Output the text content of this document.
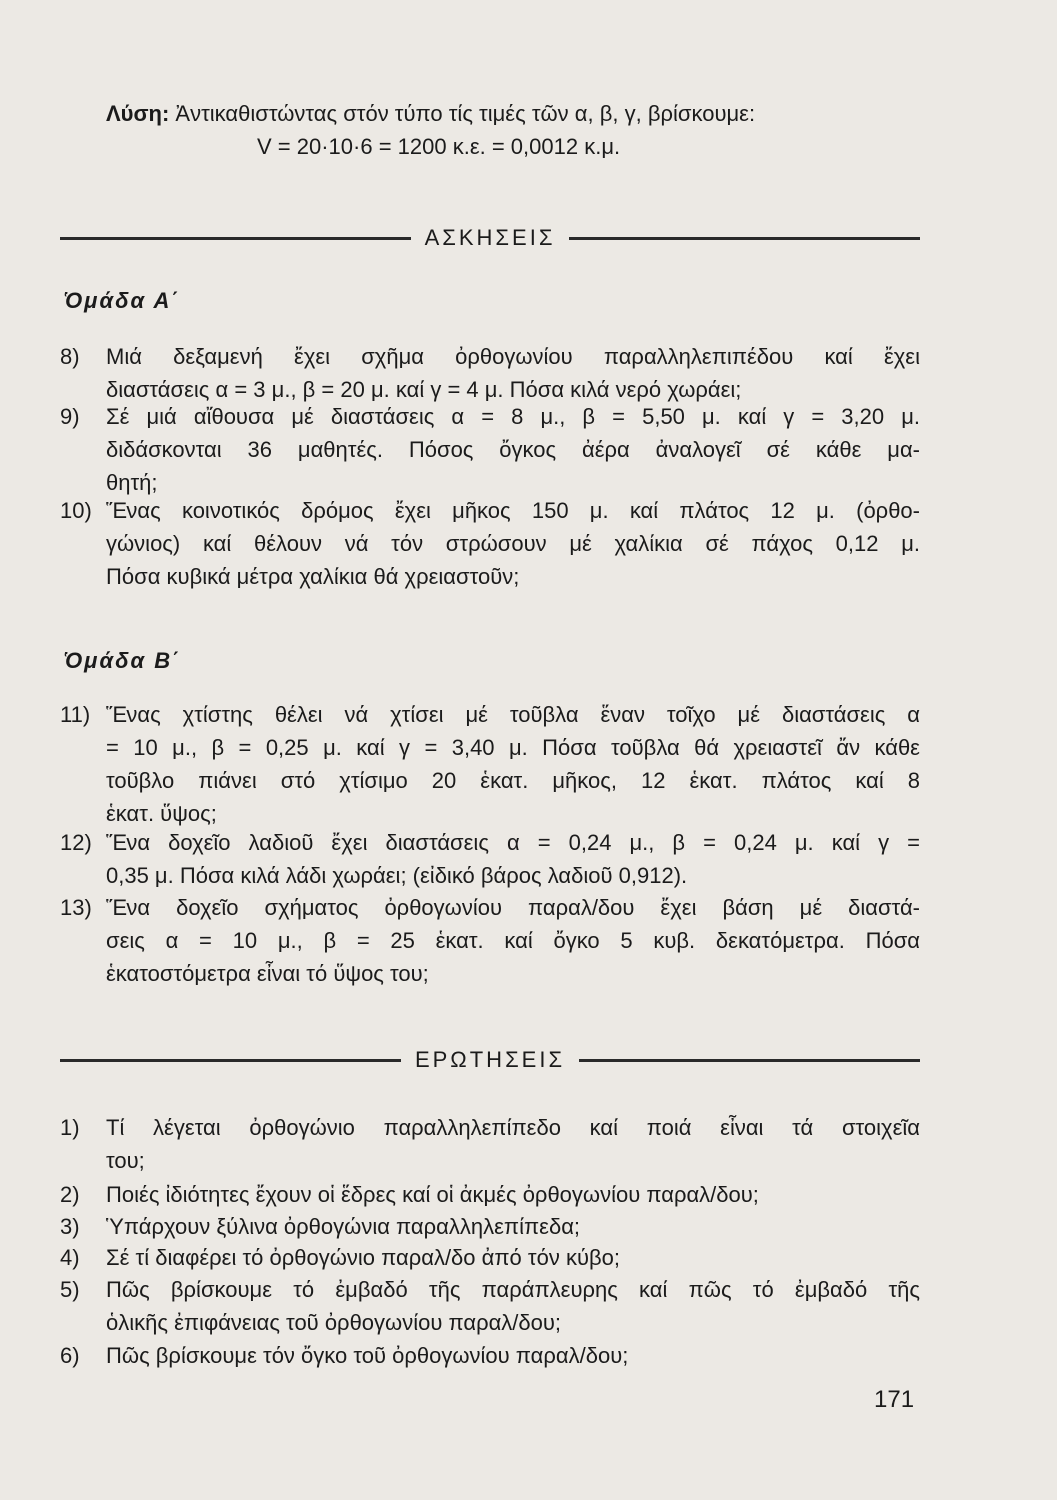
Λύση: Ἀντικαθιστώντας στόν τύπο τίς τιμές τῶν α, β, γ, βρίσκουμε:
V = 20·10·6 = 1200 κ.ε. = 0,0012 κ.μ.
ΑΣΚΗΣΕΙΣ
Ὁμάδα Α΄
8) Μιά δεξαμενή ἔχει σχῆμα ὀρθογωνίου παραλληλεπιπέδου καί ἔχει
διαστάσεις α = 3 μ., β = 20 μ. καί γ = 4 μ. Πόσα κιλά νερό χωράει;
9) Σέ μιά αἴθουσα μέ διαστάσεις α = 8 μ., β = 5,50 μ. καί γ = 3,20 μ.
διδάσκονται 36 μαθητές. Πόσος ὄγκος ἀέρα ἀναλογεῖ σέ κάθε μα-
θητή;
10) Ἕνας κοινοτικός δρόμος ἔχει μῆκος 150 μ. καί πλάτος 12 μ. (ὀρθο-
γώνιος) καί θέλουν νά τόν στρώσουν μέ χαλίκια σέ πάχος 0,12 μ.
Πόσα κυβικά μέτρα χαλίκια θά χρειαστοῦν;
Ὁμάδα Β΄
11) Ἕνας χτίστης θέλει νά χτίσει μέ τοῦβλα ἕναν τοῖχο μέ διαστάσεις α
= 10 μ., β = 0,25 μ. καί γ = 3,40 μ. Πόσα τοῦβλα θά χρειαστεῖ ἄν κάθε
τοῦβλο πιάνει στό χτίσιμο 20 ἑκατ. μῆκος, 12 ἑκατ. πλάτος καί 8
ἑκατ. ὕψος;
12) Ἕνα δοχεῖο λαδιοῦ ἔχει διαστάσεις α = 0,24 μ., β = 0,24 μ. καί γ =
0,35 μ. Πόσα κιλά λάδι χωράει; (εἰδικό βάρος λαδιοῦ 0,912).
13) Ἕνα δοχεῖο σχήματος ὀρθογωνίου παραλ/δου ἔχει βάση μέ διαστά-
σεις α = 10 μ., β = 25 ἑκατ. καί ὄγκο 5 κυβ. δεκατόμετρα. Πόσα
ἑκατοστόμετρα εἶναι τό ὕψος του;
ΕΡΩΤΗΣΕΙΣ
1) Τί λέγεται ὀρθογώνιο παραλληλεπίπεδο καί ποιά εἶναι τά στοιχεῖα
του;
2) Ποιές ἰδιότητες ἔχουν οἱ ἕδρες καί οἱ ἀκμές ὀρθογωνίου παραλ/δου;
3) Ὑπάρχουν ξύλινα ὀρθογώνια παραλληλεπίπεδα;
4) Σέ τί διαφέρει τό ὀρθογώνιο παραλ/δο ἀπό τόν κύβο;
5) Πῶς βρίσκουμε τό ἐμβαδό τῆς παράπλευρης καί πῶς τό ἐμβαδό τῆς
ὁλικῆς ἐπιφάνειας τοῦ ὀρθογωνίου παραλ/δου;
6) Πῶς βρίσκουμε τόν ὄγκο τοῦ ὀρθογωνίου παραλ/δου;
171
